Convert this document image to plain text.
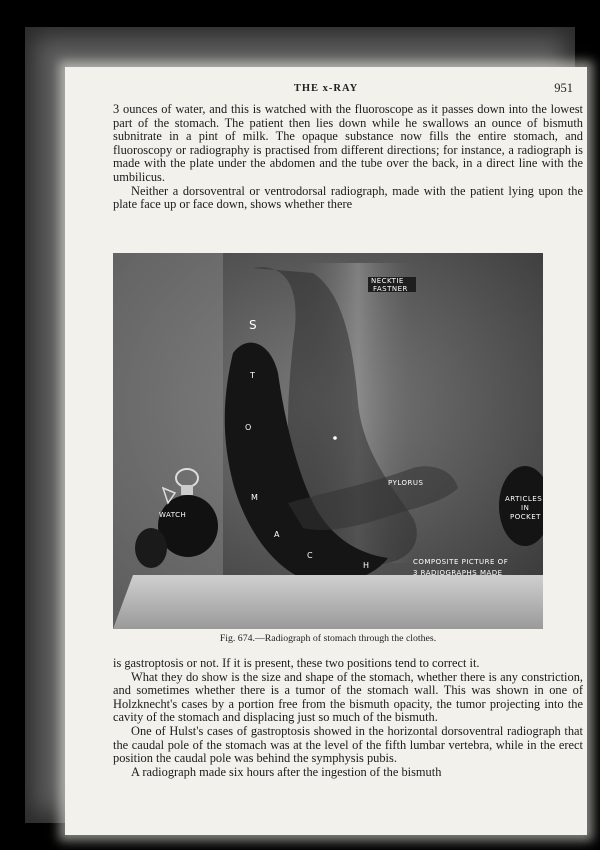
THE x-RAY	951

3 ounces of water, and this is watched with the fluoroscope as it passes down into the lowest part of the stomach. The patient then lies down while he swallows an ounce of bismuth subnitrate in a pint of milk. The opaque substance now fills the entire stomach, and fluoroscopy or radiography is practised from different directions; for instance, a radiograph is made with the plate under the abdomen and the tube over the back, in a direct line with the umbilicus.

Neither a dorsoventral or ventrodorsal radiograph, made with the patient lying upon the plate face up or face down, shows whether there

NECKTIE
FASTNER
S
T
O
M
A
C
H
WATCH
PYLORUS
ARTICLES
IN
POCKET
COMPOSITE PICTURE OF
3 RADIOGRAPHS MADE
Fig. 674.—Radiograph of stomach through the clothes.

is gastroptosis or not. If it is present, these two positions tend to correct it.

What they do show is the size and shape of the stomach, whether there is any constriction, and sometimes whether there is a tumor of the stomach wall. This was shown in one of Holzknecht's cases by a portion free from the bismuth opacity, the tumor projecting into the cavity of the stomach and displacing just so much of the bismuth.

One of Hulst's cases of gastroptosis showed in the horizontal dorsoventral radiograph that the caudal pole of the stomach was at the level of the fifth lumbar vertebra, while in the erect position the caudal pole was behind the symphysis pubis.

A radiograph made six hours after the ingestion of the bismuth
